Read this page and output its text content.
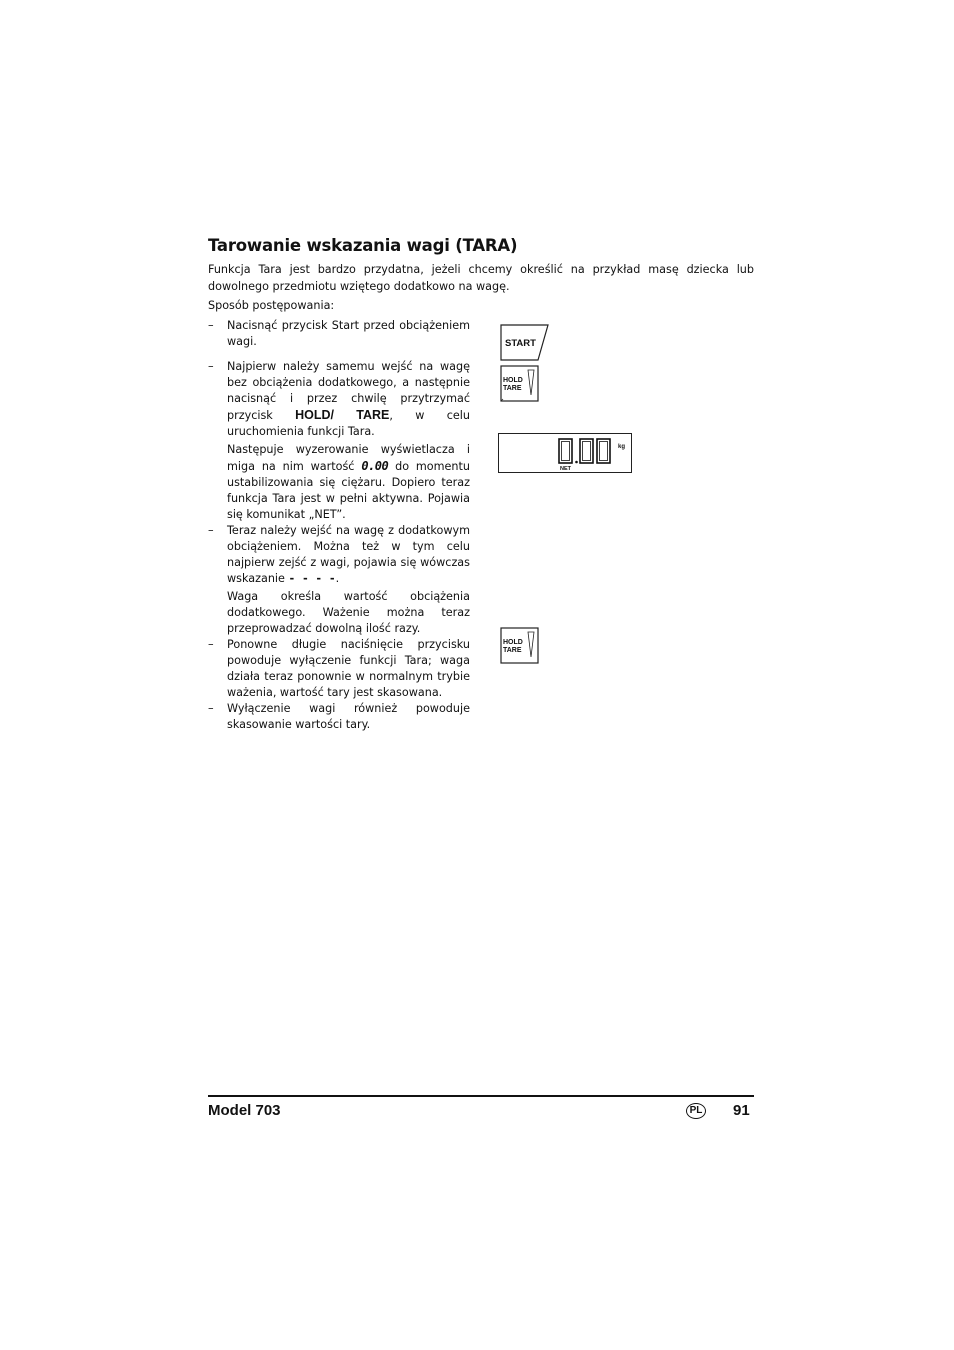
Tarowanie wskazania wagi (TARA)

Funkcja Tara jest bardzo przydatna, jeżeli chcemy określić na przykład masę dziecka lub dowolnego przedmiotu wziętego dodatkowo na wagę.

Sposób postępowania:

– Nacisnąć przycisk Start przed obciążeniem wagi.

– Najpierw należy samemu wejść na wagę bez obciążenia dodatkowego, a następnie nacisnąć i przez chwilę przytrzymać przycisk HOLD/ TARE, w celu uruchomienia funkcji Tara.

Następuje wyzerowanie wyświetlacza i miga na nim wartość 0.00 do momentu ustabilizowania się ciężaru. Dopiero teraz funkcja Tara jest w pełni aktywna. Pojawia się komunikat „NET”.

– Teraz należy wejść na wagę z dodatkowym obciążeniem. Można też w tym celu najpierw zejść z wagi, pojawia się wówczas wskazanie - - - -.

Waga określa wartość obciążenia dodatkowego. Ważenie można teraz przeprowadzać dowolną ilość razy.

– Ponowne długie naciśnięcie przycisku powoduje wyłączenie funkcji Tara; waga działa teraz ponownie w normalnym trybie ważenia, wartość tary jest skasowana.

– Wyłączenie wagi również powoduje skasowanie wartości tary.

START
HOLD
TARE
kg
NET
HOLD
TARE
Model 703	PL 91
